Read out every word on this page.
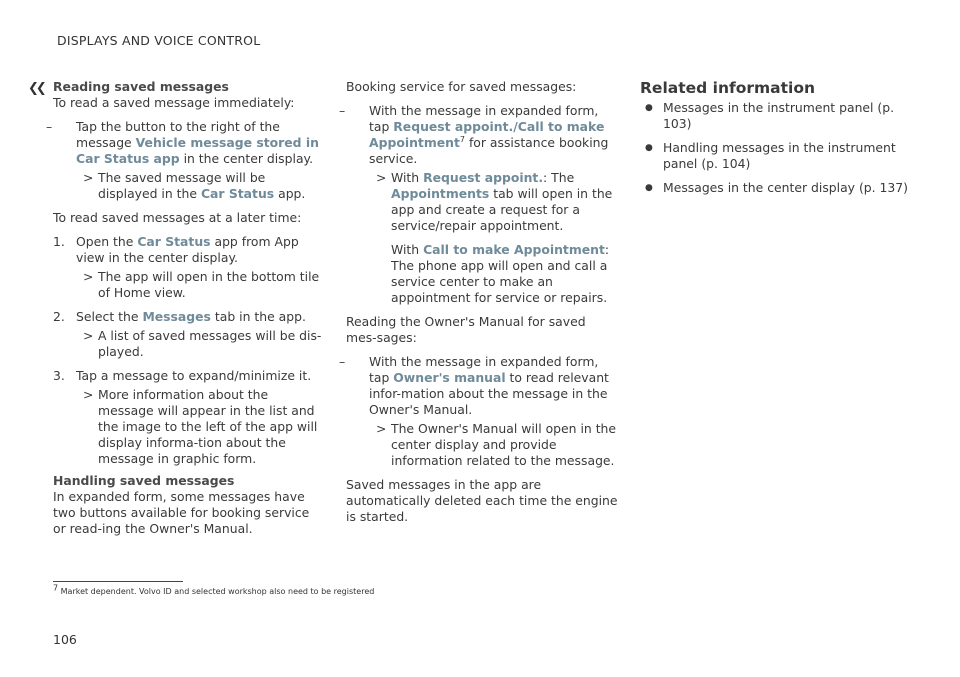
DISPLAYS AND VOICE CONTROL
❮❮ Reading saved messages

To read a saved message immediately:

– Tap the button to the right of the message Vehicle message stored in Car Status app in the center display.
> The saved message will be displayed in the Car Status app.

To read saved messages at a later time:

1. Open the Car Status app from App view in the center display.
> The app will open in the bottom tile of Home view.
2. Select the Messages tab in the app.
> A list of saved messages will be dis-played.
3. Tap a message to expand/minimize it.
> More information about the message will appear in the list and the image to the left of the app will display informa-tion about the message in graphic form.

Handling saved messages

In expanded form, some messages have two buttons available for booking service or read-ing the Owner's Manual.

Booking service for saved messages:

– With the message in expanded form, tap Request appoint./Call to make Appointment$^7$ for assistance booking service.
> With Request appoint.: The Appointments tab will open in the app and create a request for a service/repair appointment.

With Call to make Appointment: The phone app will open and call a service center to make an appointment for service or repairs.

Reading the Owner's Manual for saved mes-sages:

– With the message in expanded form, tap Owner's manual to read relevant infor-mation about the message in the Owner's Manual.
> The Owner's Manual will open in the center display and provide information related to the message.

Saved messages in the app are automatically deleted each time the engine is started.

Related information

● Messages in the instrument panel (p. 103)
● Handling messages in the instrument panel (p. 104)
● Messages in the center display (p. 137)
$^7$ Market dependent. Volvo ID and selected workshop also need to be registered
106
